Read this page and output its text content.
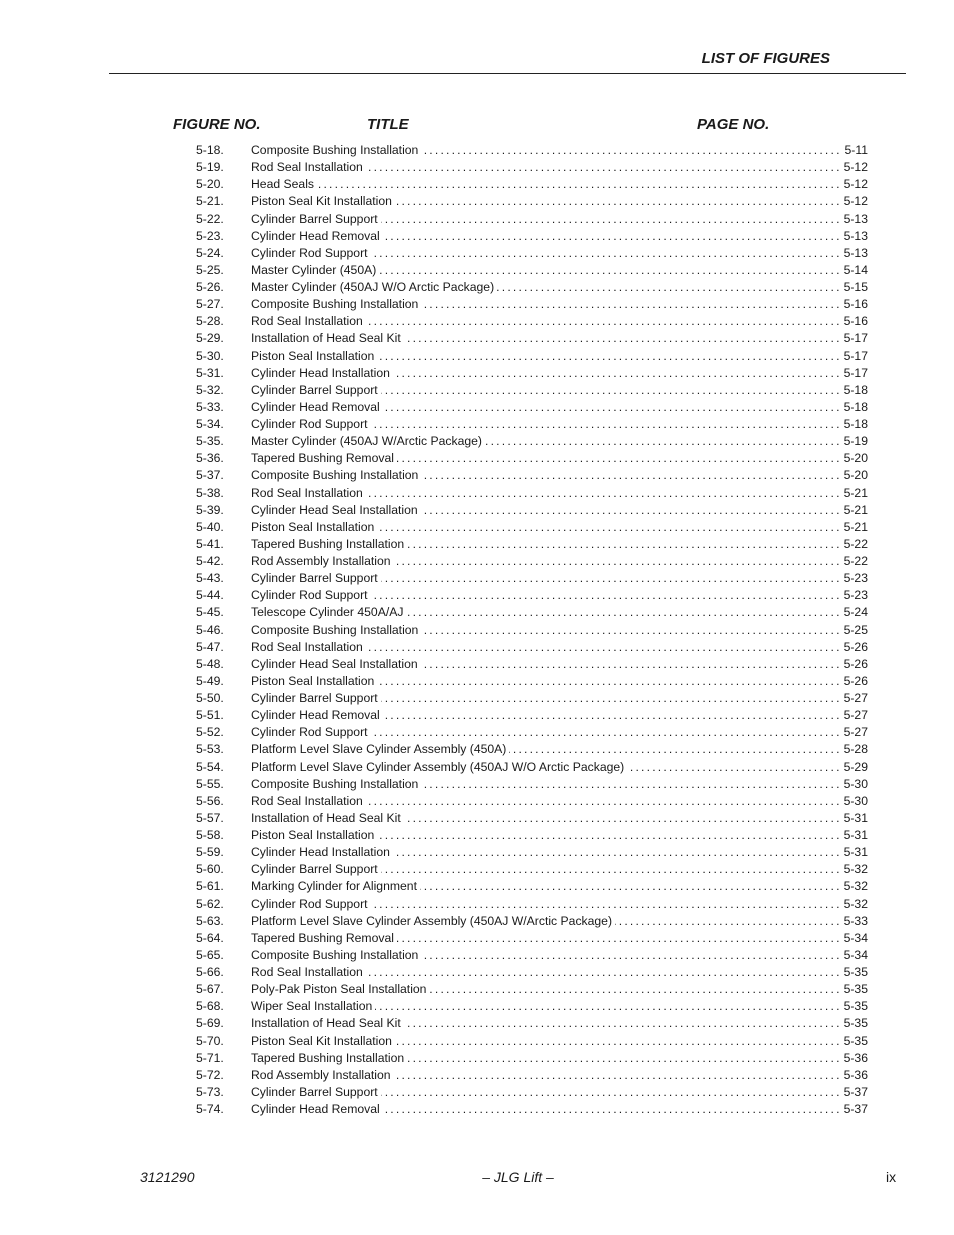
LIST OF FIGURES
FIGURE NO.	TITLE	PAGE NO.
5-18.	Composite Bushing Installation . . .	5-11
5-19.	Rod Seal Installation . . .	5-12
5-20.	Head Seals . . .	5-12
5-21.	Piston Seal Kit Installation . . .	5-12
5-22.	Cylinder Barrel Support . . .	5-13
5-23.	Cylinder Head Removal . . .	5-13
5-24.	Cylinder Rod Support . . .	5-13
5-25.	Master Cylinder (450A) . . .	5-14
5-26.	Master Cylinder (450AJ W/O Arctic Package) . . .	5-15
5-27.	Composite Bushing Installation . . .	5-16
5-28.	Rod Seal Installation . . .	5-16
5-29.	Installation of Head Seal Kit . . .	5-17
5-30.	Piston Seal Installation . . .	5-17
5-31.	Cylinder Head Installation . . .	5-17
5-32.	Cylinder Barrel Support . . .	5-18
5-33.	Cylinder Head Removal . . .	5-18
5-34.	Cylinder Rod Support . . .	5-18
5-35.	Master Cylinder (450AJ W/Arctic Package) . . .	5-19
5-36.	Tapered Bushing Removal . . .	5-20
5-37.	Composite Bushing Installation . . .	5-20
5-38.	Rod Seal Installation . . .	5-21
5-39.	Cylinder Head Seal Installation . . .	5-21
5-40.	Piston Seal Installation . . .	5-21
5-41.	Tapered Bushing Installation . . .	5-22
5-42.	Rod Assembly Installation . . .	5-22
5-43.	Cylinder Barrel Support . . .	5-23
5-44.	Cylinder Rod Support . . .	5-23
5-45.	Telescope Cylinder 450A/AJ . . .	5-24
5-46.	Composite Bushing Installation . . .	5-25
5-47.	Rod Seal Installation . . .	5-26
5-48.	Cylinder Head Seal Installation . . .	5-26
5-49.	Piston Seal Installation . . .	5-26
5-50.	Cylinder Barrel Support . . .	5-27
5-51.	Cylinder Head Removal . . .	5-27
5-52.	Cylinder Rod Support . . .	5-27
5-53.	Platform Level Slave Cylinder Assembly (450A) . . .	5-28
5-54.	Platform Level Slave Cylinder Assembly (450AJ W/O Arctic Package) . . .	5-29
5-55.	Composite Bushing Installation . . .	5-30
5-56.	Rod Seal Installation . . .	5-30
5-57.	Installation of Head Seal Kit . . .	5-31
5-58.	Piston Seal Installation . . .	5-31
5-59.	Cylinder Head Installation . . .	5-31
5-60.	Cylinder Barrel Support . . .	5-32
5-61.	Marking Cylinder for Alignment . . .	5-32
5-62.	Cylinder Rod Support . . .	5-32
5-63.	Platform Level Slave Cylinder Assembly (450AJ W/Arctic Package) . . .	5-33
5-64.	Tapered Bushing Removal . . .	5-34
5-65.	Composite Bushing Installation . . .	5-34
5-66.	Rod Seal Installation . . .	5-35
5-67.	Poly-Pak Piston Seal Installation . . .	5-35
5-68.	Wiper Seal Installation . . .	5-35
5-69.	Installation of Head Seal Kit . . .	5-35
5-70.	Piston Seal Kit Installation . . .	5-35
5-71.	Tapered Bushing Installation . . .	5-36
5-72.	Rod Assembly Installation . . .	5-36
5-73.	Cylinder Barrel Support . . .	5-37
5-74.	Cylinder Head Removal . . .	5-37
3121290	– JLG Lift –	ix
